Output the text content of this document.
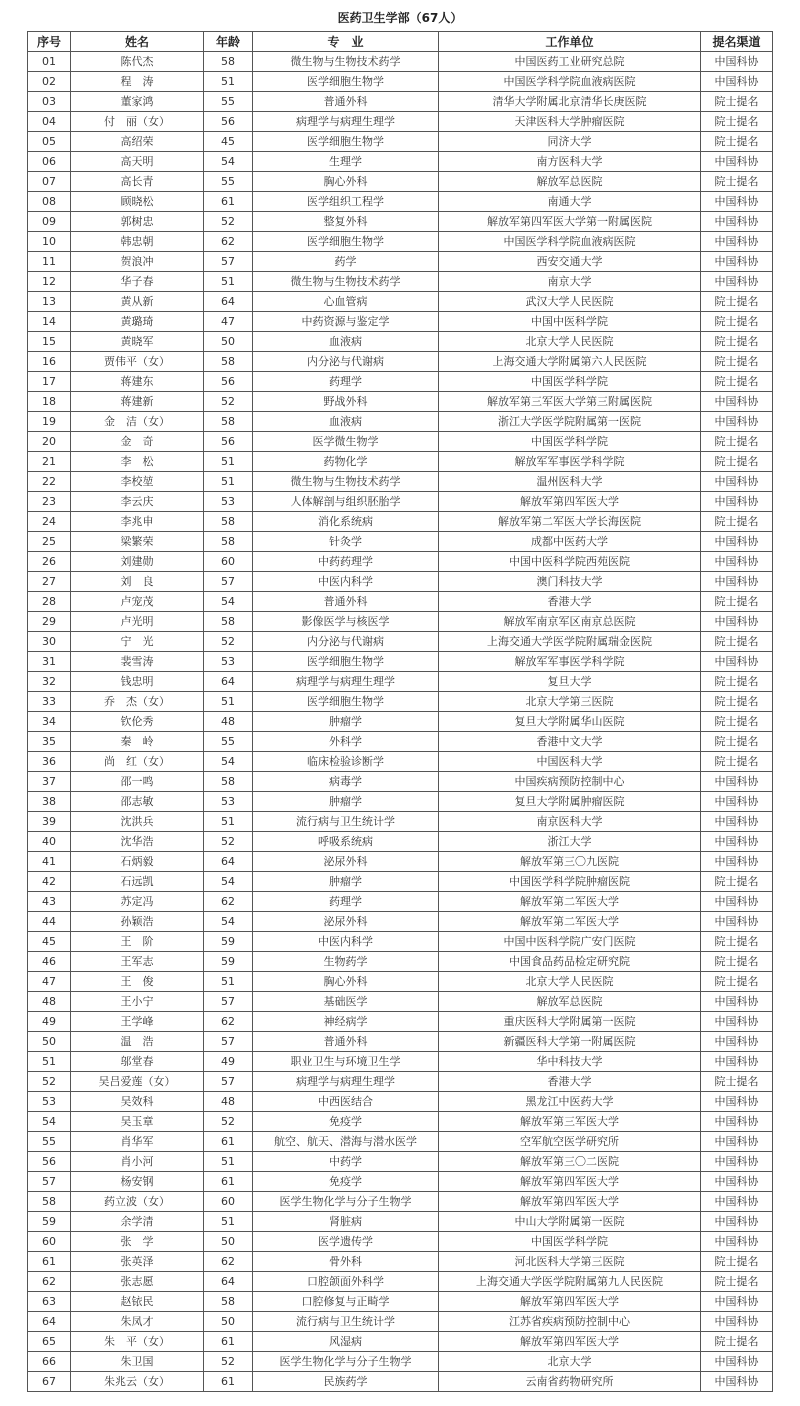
医药卫生学部（67人）
序号	姓名	年龄	专　业	工作单位	提名渠道
01	陈代杰	58	微生物与生物技术药学	中国医药工业研究总院	中国科协
02	程　涛	51	医学细胞生物学	中国医学科学院血液病医院	中国科协
03	董家鸿	55	普通外科	清华大学附属北京清华长庚医院	院士提名
04	付　丽（女）	56	病理学与病理生理学	天津医科大学肿瘤医院	院士提名
05	高绍荣	45	医学细胞生物学	同济大学	院士提名
06	高天明	54	生理学	南方医科大学	中国科协
07	高长青	55	胸心外科	解放军总医院	院士提名
08	顾晓松	61	医学组织工程学	南通大学	中国科协
09	郭树忠	52	整复外科	解放军第四军医大学第一附属医院	中国科协
10	韩忠朝	62	医学细胞生物学	中国医学科学院血液病医院	中国科协
11	贺浪冲	57	药学	西安交通大学	中国科协
12	华子春	51	微生物与生物技术药学	南京大学	中国科协
13	黄从新	64	心血管病	武汉大学人民医院	院士提名
14	黄璐琦	47	中药资源与鉴定学	中国中医科学院	院士提名
15	黄晓军	50	血液病	北京大学人民医院	院士提名
16	贾伟平（女）	58	内分泌与代谢病	上海交通大学附属第六人民医院	院士提名
17	蒋建东	56	药理学	中国医学科学院	院士提名
18	蒋建新	52	野战外科	解放军第三军医大学第三附属医院	中国科协
19	金　洁（女）	58	血液病	浙江大学医学院附属第一医院	中国科协
20	金　奇	56	医学微生物学	中国医学科学院	院士提名
21	李　松	51	药物化学	解放军军事医学科学院	院士提名
22	李校堃	51	微生物与生物技术药学	温州医科大学	中国科协
23	李云庆	53	人体解剖与组织胚胎学	解放军第四军医大学	中国科协
24	李兆申	58	消化系统病	解放军第二军医大学长海医院	院士提名
25	梁繁荣	58	针灸学	成都中医药大学	中国科协
26	刘建勋	60	中药药理学	中国中医科学院西苑医院	中国科协
27	刘　良	57	中医内科学	澳门科技大学	中国科协
28	卢宠茂	54	普通外科	香港大学	院士提名
29	卢光明	58	影像医学与核医学	解放军南京军区南京总医院	中国科协
30	宁　光	52	内分泌与代谢病	上海交通大学医学院附属瑞金医院	院士提名
31	裴雪涛	53	医学细胞生物学	解放军军事医学科学院	中国科协
32	钱忠明	64	病理学与病理生理学	复旦大学	院士提名
33	乔　杰（女）	51	医学细胞生物学	北京大学第三医院	院士提名
34	钦伦秀	48	肿瘤学	复旦大学附属华山医院	院士提名
35	秦　岭	55	外科学	香港中文大学	院士提名
36	尚　红（女）	54	临床检验诊断学	中国医科大学	院士提名
37	邵一鸣	58	病毒学	中国疾病预防控制中心	中国科协
38	邵志敏	53	肿瘤学	复旦大学附属肿瘤医院	中国科协
39	沈洪兵	51	流行病与卫生统计学	南京医科大学	中国科协
40	沈华浩	52	呼吸系统病	浙江大学	中国科协
41	石炳毅	64	泌尿外科	解放军第三〇九医院	中国科协
42	石远凯	54	肿瘤学	中国医学科学院肿瘤医院	院士提名
43	苏定冯	62	药理学	解放军第二军医大学	中国科协
44	孙颖浩	54	泌尿外科	解放军第二军医大学	中国科协
45	王　阶	59	中医内科学	中国中医科学院广安门医院	院士提名
46	王军志	59	生物药学	中国食品药品检定研究院	院士提名
47	王　俊	51	胸心外科	北京大学人民医院	院士提名
48	王小宁	57	基础医学	解放军总医院	中国科协
49	王学峰	62	神经病学	重庆医科大学附属第一医院	中国科协
50	温　浩	57	普通外科	新疆医科大学第一附属医院	中国科协
51	邬堂春	49	职业卫生与环境卫生学	华中科技大学	中国科协
52	吴吕爱莲（女）	57	病理学与病理生理学	香港大学	院士提名
53	吴效科	48	中西医结合	黑龙江中医药大学	中国科协
54	吴玉章	52	免疫学	解放军第三军医大学	中国科协
55	肖华军	61	航空、航天、潜海与潜水医学	空军航空医学研究所	中国科协
56	肖小河	51	中药学	解放军第三〇二医院	中国科协
57	杨安钢	61	免疫学	解放军第四军医大学	中国科协
58	药立波（女）	60	医学生物化学与分子生物学	解放军第四军医大学	中国科协
59	余学清	51	肾脏病	中山大学附属第一医院	中国科协
60	张　学	50	医学遗传学	中国医学科学院	中国科协
61	张英泽	62	骨外科	河北医科大学第三医院	院士提名
62	张志愿	64	口腔颌面外科学	上海交通大学医学院附属第九人民医院	院士提名
63	赵铱民	58	口腔修复与正畸学	解放军第四军医大学	中国科协
64	朱凤才	50	流行病与卫生统计学	江苏省疾病预防控制中心	中国科协
65	朱　平（女）	61	风湿病	解放军第四军医大学	院士提名
66	朱卫国	52	医学生物化学与分子生物学	北京大学	中国科协
67	朱兆云（女）	61	民族药学	云南省药物研究所	中国科协
